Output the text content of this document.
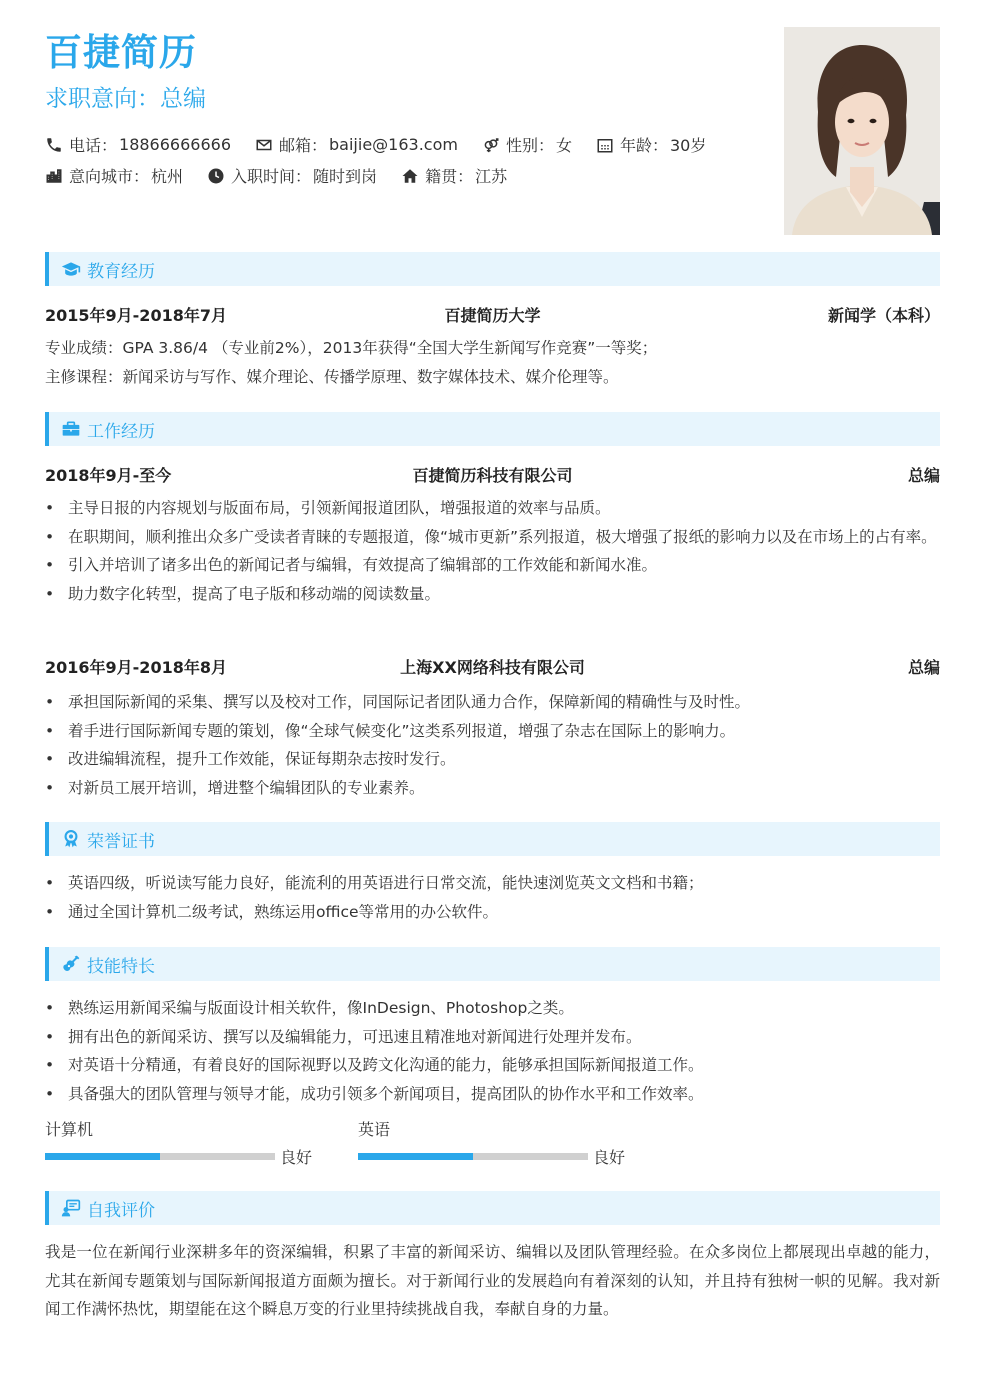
百捷简历
求职意向：总编
电话： 18866666666	邮箱： baijie@163.com	性别： 女	年龄： 30岁
意向城市： 杭州	入职时间： 随时到岗	籍贯： 江苏
教育经历
2015年9月-2018年7月	百捷简历大学	新闻学（本科）
专业成绩：GPA 3.86/4 （专业前2%），2013年获得“全国大学生新闻写作竞赛”一等奖；
主修课程：新闻采访与写作、媒介理论、传播学原理、数字媒体技术、媒介伦理等。
工作经历
2018年9月-至今	百捷简历科技有限公司	总编
• 主导日报的内容规划与版面布局，引领新闻报道团队，增强报道的效率与品质。
• 在职期间，顺利推出众多广受读者青睐的专题报道，像“城市更新”系列报道，极大增强了报纸的影响力以及在市场上的占有率。
• 引入并培训了诸多出色的新闻记者与编辑，有效提高了编辑部的工作效能和新闻水准。
• 助力数字化转型，提高了电子版和移动端的阅读数量。
2016年9月-2018年8月	上海XX网络科技有限公司	总编
• 承担国际新闻的采集、撰写以及校对工作，同国际记者团队通力合作，保障新闻的精确性与及时性。
• 着手进行国际新闻专题的策划，像“全球气候变化”这类系列报道，增强了杂志在国际上的影响力。
• 改进编辑流程，提升工作效能，保证每期杂志按时发行。
• 对新员工展开培训，增进整个编辑团队的专业素养。
荣誉证书
• 英语四级，听说读写能力良好，能流利的用英语进行日常交流，能快速浏览英文文档和书籍；
• 通过全国计算机二级考试，熟练运用office等常用的办公软件。
技能特长
• 熟练运用新闻采编与版面设计相关软件，像InDesign、Photoshop之类。
• 拥有出色的新闻采访、撰写以及编辑能力，可迅速且精准地对新闻进行处理并发布。
• 对英语十分精通，有着良好的国际视野以及跨文化沟通的能力，能够承担国际新闻报道工作。
• 具备强大的团队管理与领导才能，成功引领多个新闻项目，提高团队的协作水平和工作效率。
计算机
良好
英语
良好
自我评价
我是一位在新闻行业深耕多年的资深编辑，积累了丰富的新闻采访、编辑以及团队管理经验。在众多岗位上都展现出卓越的能力，尤其在新闻专题策划与国际新闻报道方面颇为擅长。对于新闻行业的发展趋向有着深刻的认知，并且持有独树一帜的见解。我对新闻工作满怀热忱，期望能在这个瞬息万变的行业里持续挑战自我，奉献自身的力量。
